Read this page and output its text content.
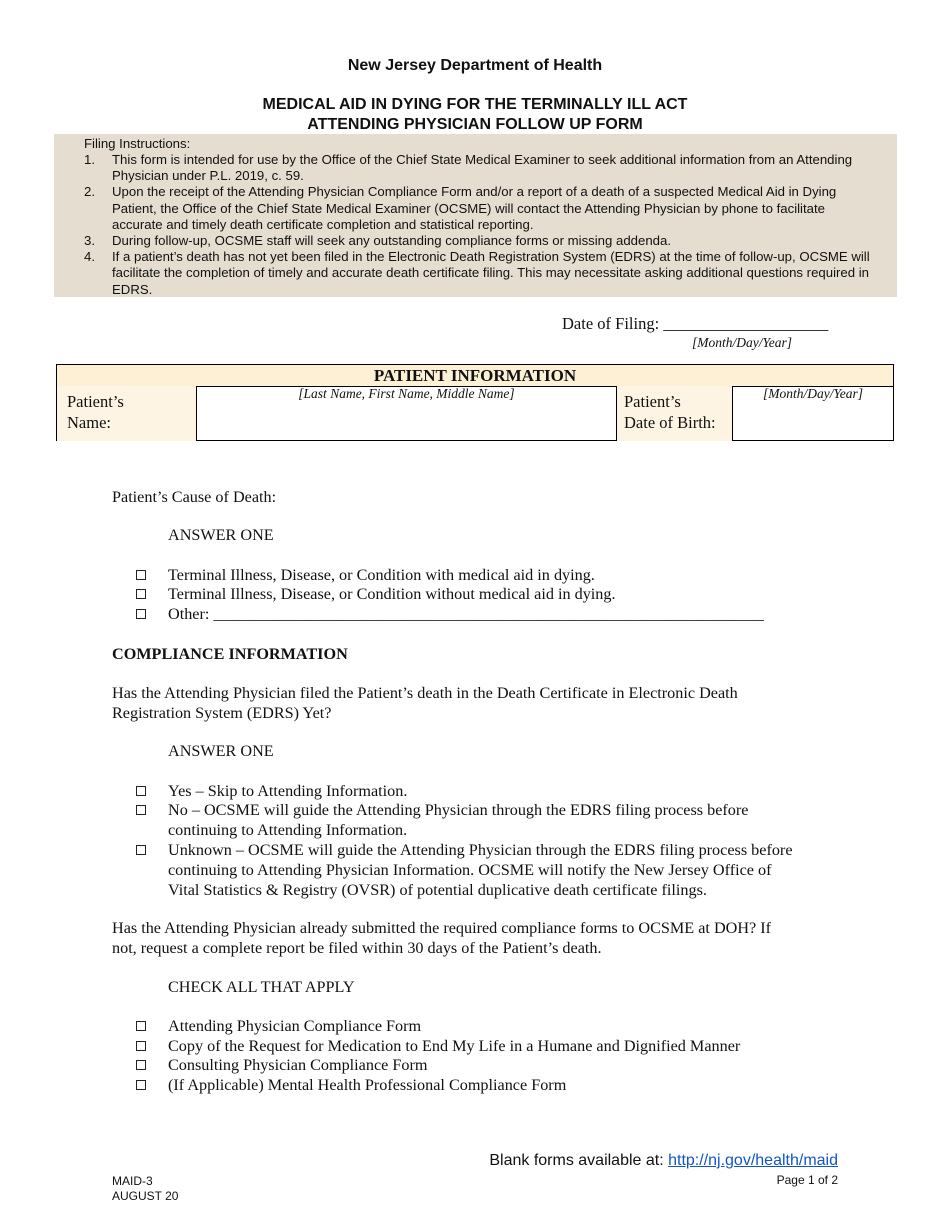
New Jersey Department of Health
MEDICAL AID IN DYING FOR THE TERMINALLY ILL ACT
ATTENDING PHYSICIAN FOLLOW UP FORM
Filing Instructions:
1. This form is intended for use by the Office of the Chief State Medical Examiner to seek additional information from an Attending Physician under P.L. 2019, c. 59.
2. Upon the receipt of the Attending Physician Compliance Form and/or a report of a death of a suspected Medical Aid in Dying Patient, the Office of the Chief State Medical Examiner (OCSME) will contact the Attending Physician by phone to facilitate accurate and timely death certificate completion and statistical reporting.
3. During follow-up, OCSME staff will seek any outstanding compliance forms or missing addenda.
4. If a patient’s death has not yet been filed in the Electronic Death Registration System (EDRS) at the time of follow-up, OCSME will facilitate the completion of timely and accurate death certificate filing. This may necessitate asking additional questions required in EDRS.
Date of Filing: ____________________
[Month/Day/Year]
PATIENT INFORMATION
Patient’s
Name:
[Last Name, First Name, Middle Name]	Patient’s
Date of Birth:
[Month/Day/Year]
Patient’s Cause of Death:
ANSWER ONE
Terminal Illness, Disease, or Condition with medical aid in dying.
Terminal Illness, Disease, or Condition without medical aid in dying.
Other: ____________________________________________________________________
COMPLIANCE INFORMATION
Has the Attending Physician filed the Patient’s death in the Death Certificate in Electronic Death
Registration System (EDRS) Yet?
ANSWER ONE
Yes – Skip to Attending Information.
No – OCSME will guide the Attending Physician through the EDRS filing process before
continuing to Attending Information.
Unknown – OCSME will guide the Attending Physician through the EDRS filing process before
continuing to Attending Physician Information. OCSME will notify the New Jersey Office of
Vital Statistics & Registry (OVSR) of potential duplicative death certificate filings.
Has the Attending Physician already submitted the required compliance forms to OCSME at DOH? If
not, request a complete report be filed within 30 days of the Patient’s death.
CHECK ALL THAT APPLY
Attending Physician Compliance Form
Copy of the Request for Medication to End My Life in a Humane and Dignified Manner
Consulting Physician Compliance Form
(If Applicable) Mental Health Professional Compliance Form
Blank forms available at: http://nj.gov/health/maid
MAID-3
AUGUST 20
Page 1 of 2
